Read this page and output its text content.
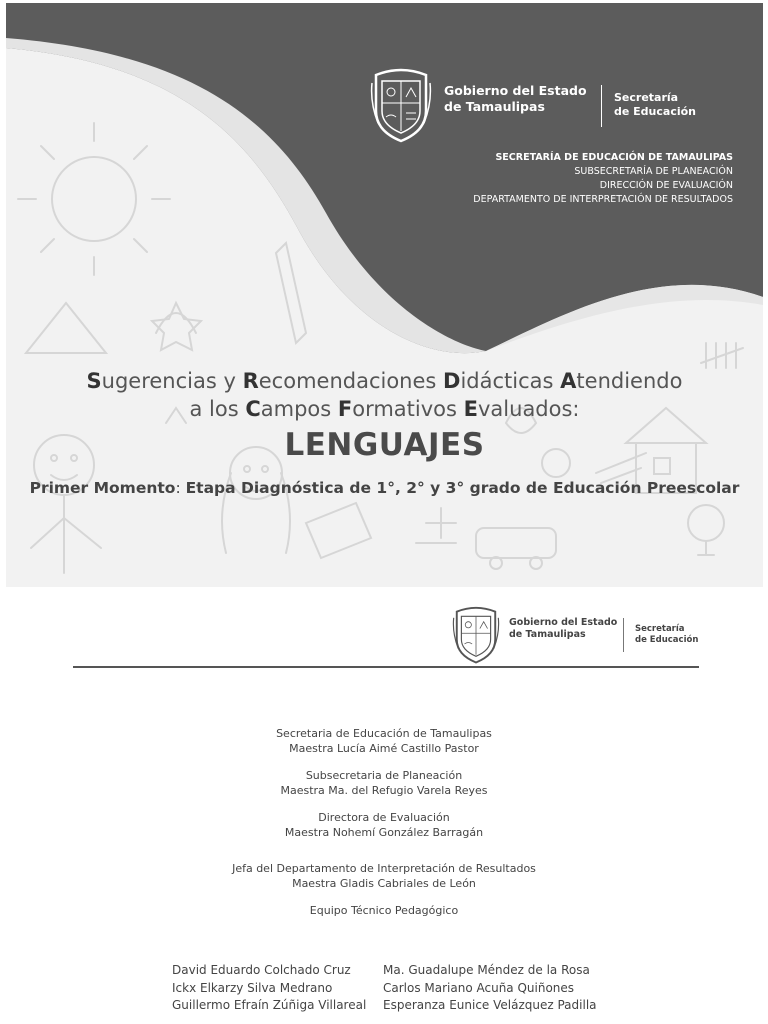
Gobierno del Estado
de Tamaulipas
Secretaría
de Educación
SECRETARÍA DE EDUCACIÓN DE TAMAULIPAS
SUBSECRETARÍA DE PLANEACIÓN
DIRECCIÓN DE EVALUACIÓN
DEPARTAMENTO DE INTERPRETACIÓN DE RESULTADOS
Sugerencias y Recomendaciones Didácticas Atendiendo
a los Campos Formativos Evaluados:
LENGUAJES
Primer Momento: Etapa Diagnóstica de 1°, 2° y 3° grado de Educación Preescolar
Gobierno del Estado
de Tamaulipas	Secretaría
de Educación
Secretaria de Educación de Tamaulipas
Maestra Lucía Aimé Castillo Pastor
Subsecretaria de Planeación
Maestra Ma. del Refugio Varela Reyes
Directora de Evaluación
Maestra Nohemí González Barragán
Jefa del Departamento de Interpretación de Resultados
Maestra Gladis Cabriales de León
Equipo Técnico Pedagógico
David Eduardo Colchado Cruz
Ickx Elkarzy Silva Medrano
Guillermo Efraín Zúñiga Villareal
Ma. Guadalupe Méndez de la Rosa
Carlos Mariano Acuña Quiñones
Esperanza Eunice Velázquez Padilla
